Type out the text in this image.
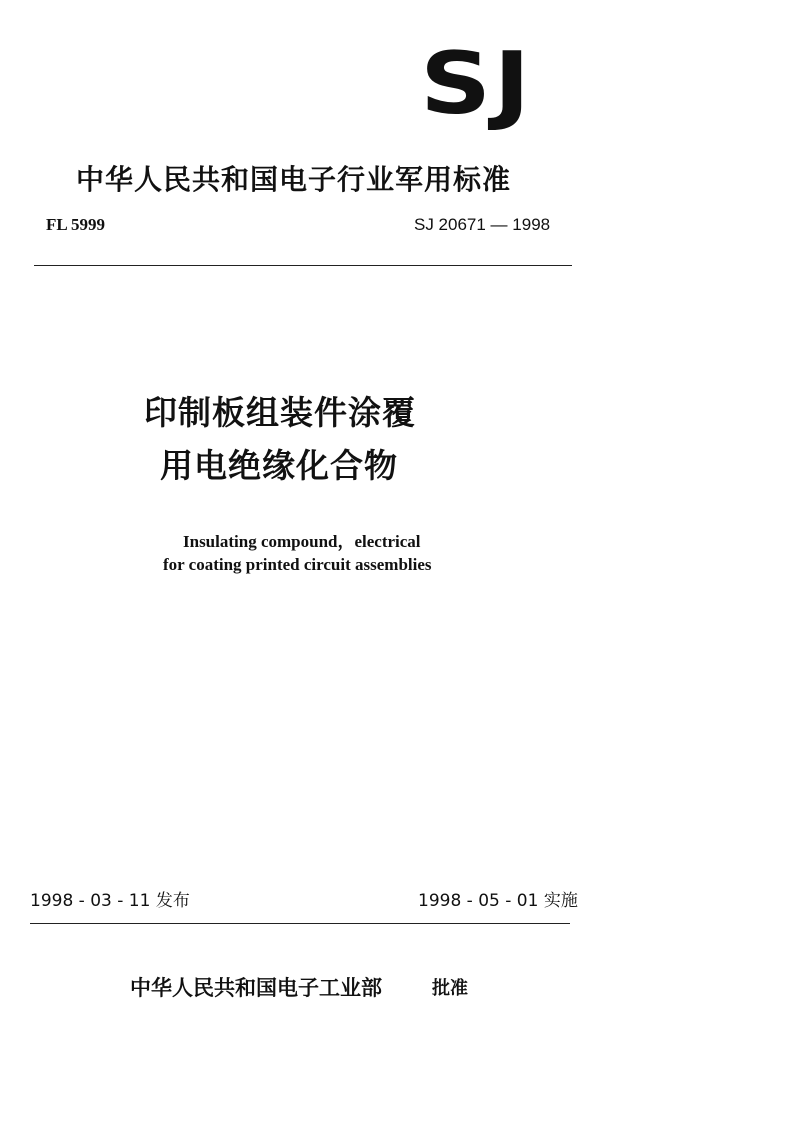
SJ
中华人民共和国电子行业军用标准
FL 5999	SJ 20671 — 1998
印制板组装件涂覆
用电绝缘化合物
Insulating compound，electrical
for coating printed circuit assemblies
1998 - 03 - 11 发布	1998 - 05 - 01 实施
中华人民共和国电子工业部	批准
